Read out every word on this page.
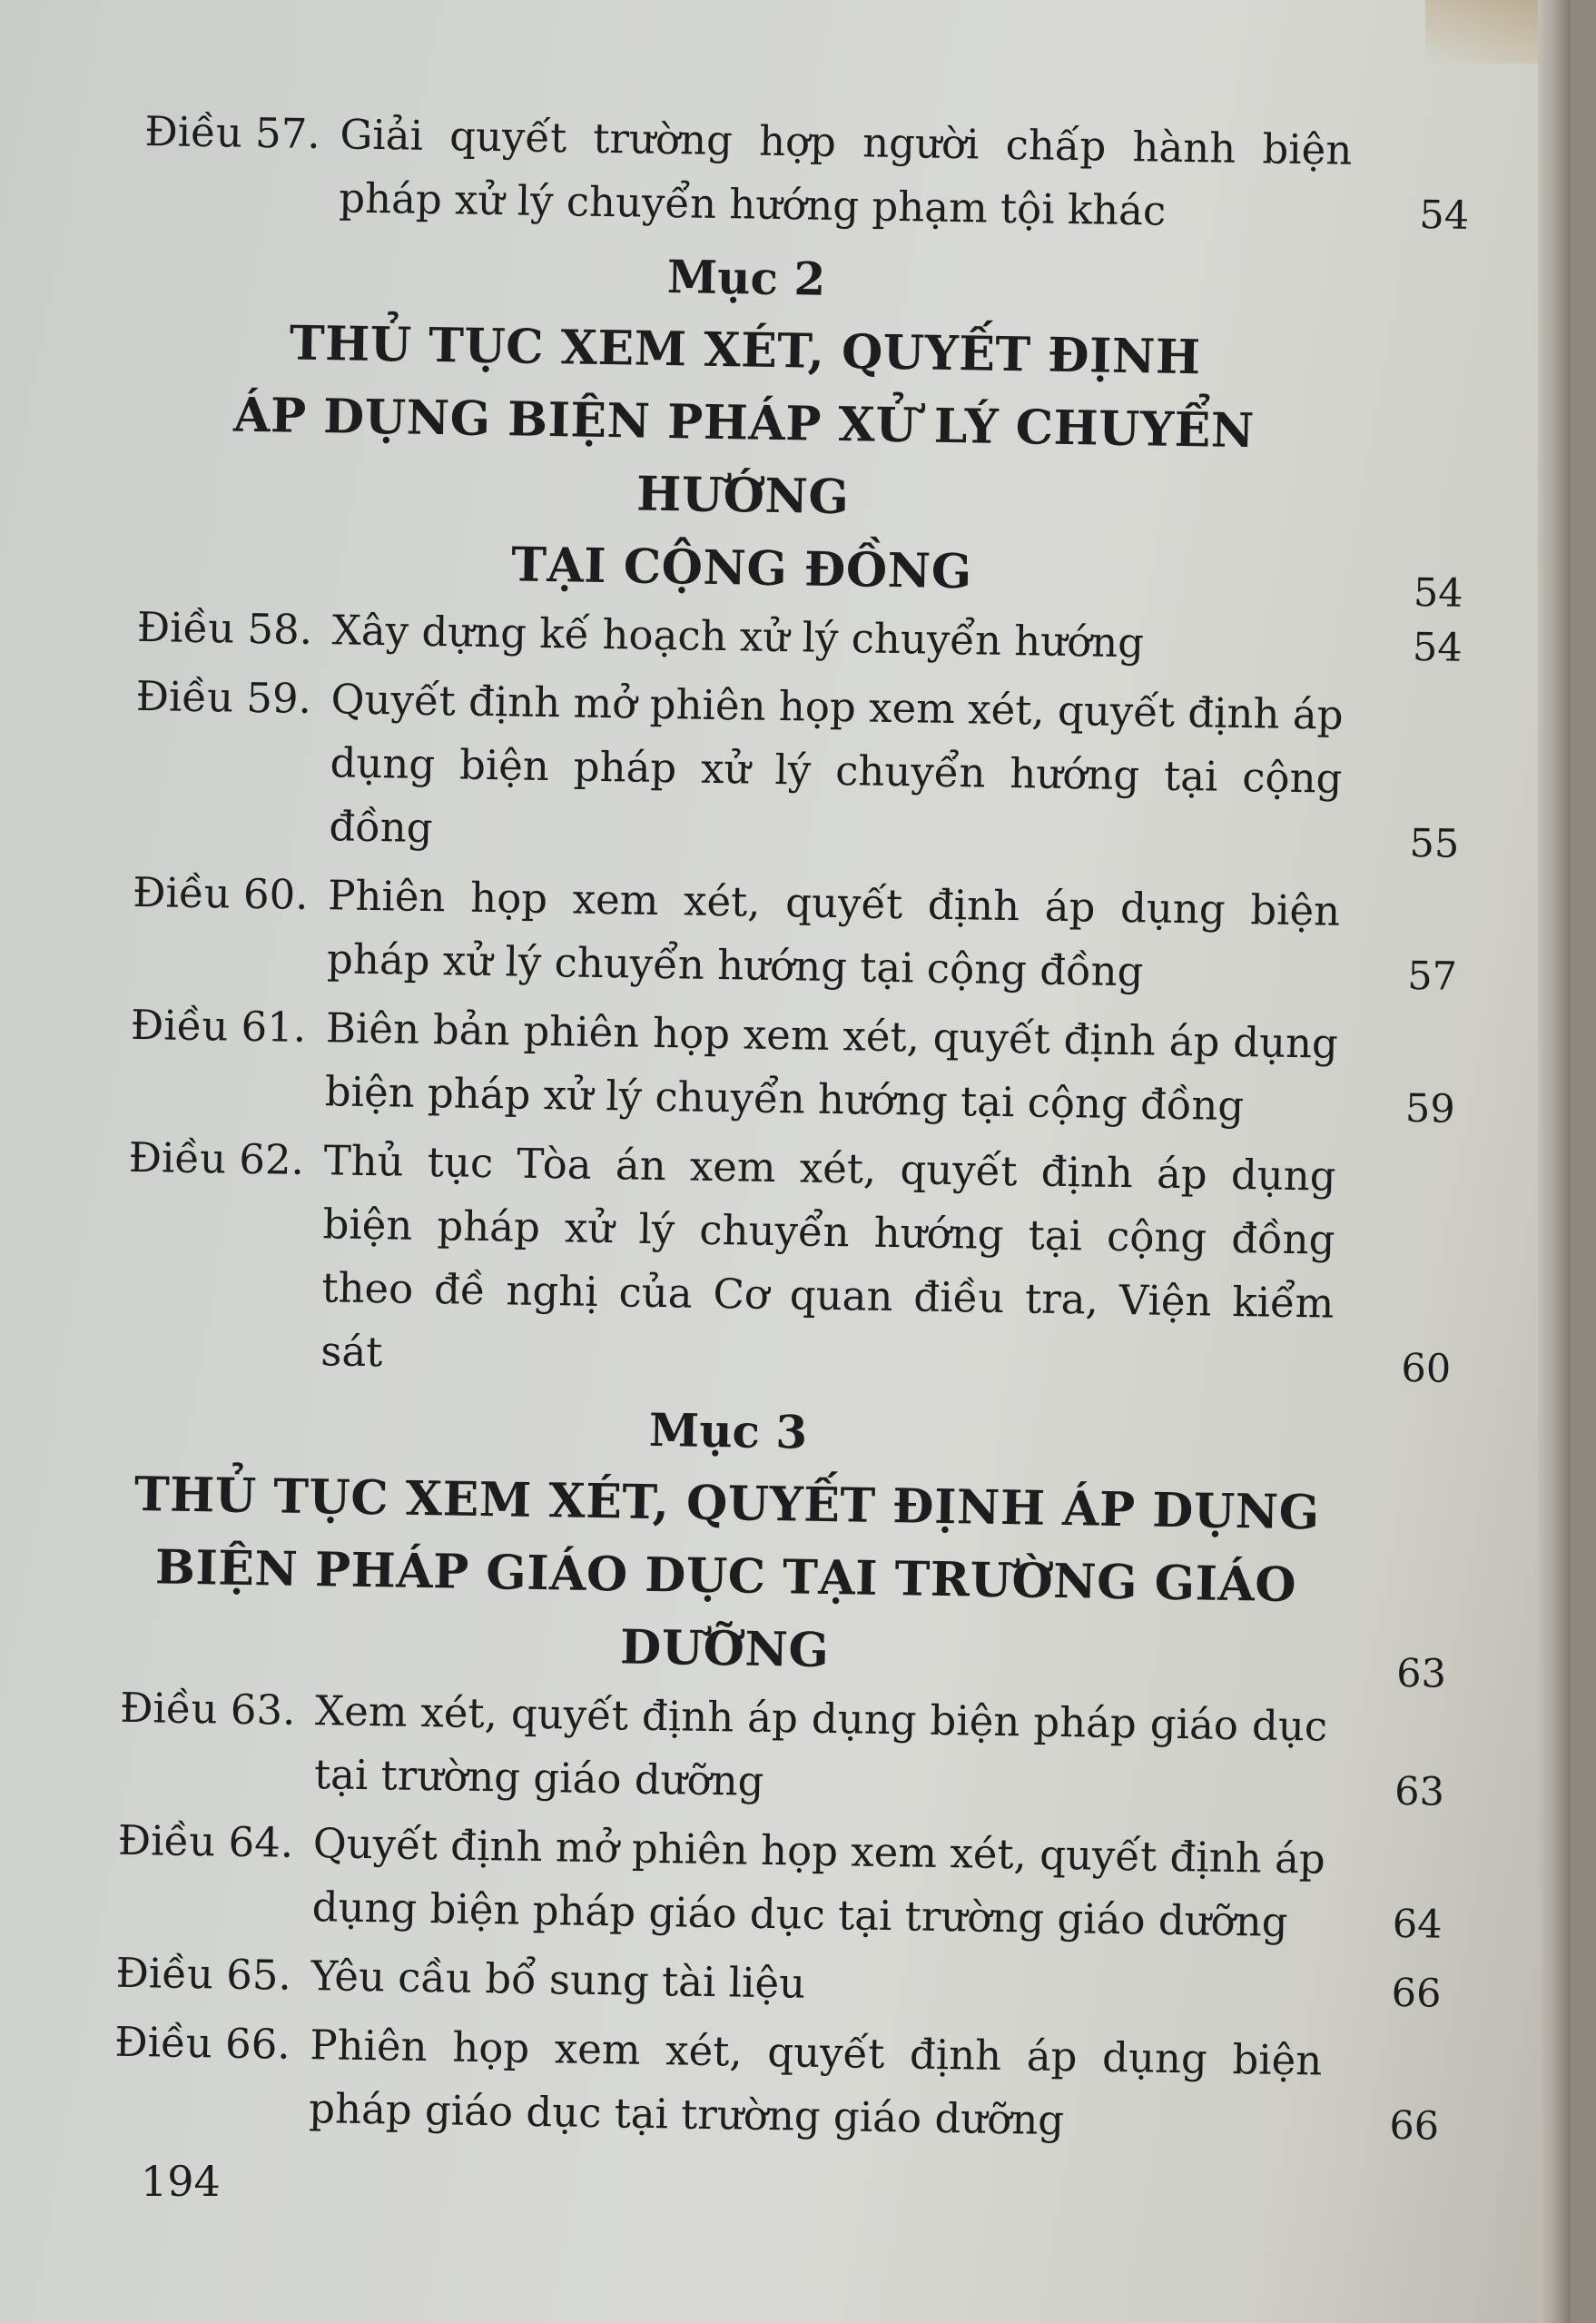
Điều 57. Giải quyết trường hợp người chấp hành biện pháp xử lý chuyển hướng phạm tội khác	54
Mục 2
THỦ TỤC XEM XÉT, QUYẾT ĐỊNH
ÁP DỤNG BIỆN PHÁP XỬ LÝ CHUYỂN HƯỚNG
TẠI CỘNG ĐỒNG	54
Điều 58. Xây dựng kế hoạch xử lý chuyển hướng	54
Điều 59. Quyết định mở phiên họp xem xét, quyết định áp dụng biện pháp xử lý chuyển hướng tại cộng đồng	55
Điều 60. Phiên họp xem xét, quyết định áp dụng biện pháp xử lý chuyển hướng tại cộng đồng	57
Điều 61. Biên bản phiên họp xem xét, quyết định áp dụng biện pháp xử lý chuyển hướng tại cộng đồng	59
Điều 62. Thủ tục Tòa án xem xét, quyết định áp dụng biện pháp xử lý chuyển hướng tại cộng đồng theo đề nghị của Cơ quan điều tra, Viện kiểm sát	60
Mục 3
THỦ TỤC XEM XÉT, QUYẾT ĐỊNH ÁP DỤNG
BIỆN PHÁP GIÁO DỤC TẠI TRƯỜNG GIÁO DƯỠNG	63
Điều 63. Xem xét, quyết định áp dụng biện pháp giáo dục tại trường giáo dưỡng	63
Điều 64. Quyết định mở phiên họp xem xét, quyết định áp dụng biện pháp giáo dục tại trường giáo dưỡng	64
Điều 65. Yêu cầu bổ sung tài liệu	66
Điều 66. Phiên họp xem xét, quyết định áp dụng biện pháp giáo dục tại trường giáo dưỡng	66
194
